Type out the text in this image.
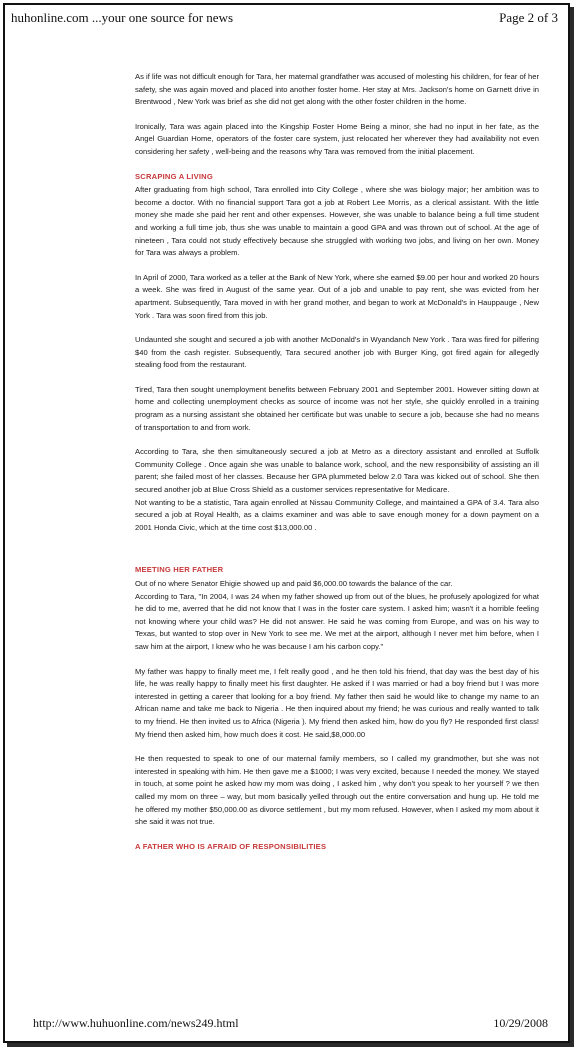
huhonline.com ...your one source for news	Page 2 of 3

As if life was not difficult enough for Tara, her maternal grandfather was accused of molesting his children, for fear of her safety, she was again moved and placed into another foster home. Her stay at Mrs. Jackson's home on Garnett drive in Brentwood , New York was brief as she did not get along with the other foster children in the home.

Ironically, Tara was again placed into the Kingship Foster Home Being a minor, she had no input in her fate, as the Angel Guardian Home, operators of the foster care system, just relocated her wherever they had availability not even considering her safety , well-being and the reasons why Tara was removed from the initial placement.

SCRAPING A LIVING

After graduating from high school, Tara enrolled into City College , where she was biology major; her ambition was to become a doctor. With no financial support Tara got a job at Robert Lee Morris, as a clerical assistant. With the little money she made she paid her rent and other expenses. However, she was unable to balance being a full time student and working a full time job, thus she was unable to maintain a good GPA and was thrown out of school. At the age of nineteen , Tara could not study effectively because she struggled with working two jobs, and living on her own. Money for Tara was always a problem.

In April of 2000, Tara worked as a teller at the Bank of New York, where she earned $9.00 per hour and worked 20 hours a week. She was fired in August of the same year. Out of a job and unable to pay rent, she was evicted from her apartment. Subsequently, Tara moved in with her grand mother, and began to work at McDonald's in Hauppauge , New York . Tara was soon fired from this job.

Undaunted she sought and secured a job with another McDonald's in Wyandanch New York . Tara was fired for pilfering $40 from the cash register. Subsequently, Tara secured another job with Burger King, got fired again for allegedly stealing food from the restaurant.

Tired, Tara then sought unemployment benefits between February 2001 and September 2001. However sitting down at home and collecting unemployment checks as source of income was not her style, she quickly enrolled in a training program as a nursing assistant she obtained her certificate but was unable to secure a job, because she had no means of transportation to and from work.

According to Tara, she then simultaneously secured a job at Metro as a directory assistant and enrolled at Suffolk Community College . Once again she was unable to balance work, school, and the new responsibility of assisting an ill parent; she failed most of her classes. Because her GPA plummeted below 2.0 Tara was kicked out of school. She then secured another job at Blue Cross Shield as a customer services representative for Medicare.

Not wanting to be a statistic, Tara again enrolled at Nissau Community College, and maintained a GPA of 3.4. Tara also secured a job at Royal Health, as a claims examiner and was able to save enough money for a down payment on a 2001 Honda Civic, which at the time cost $13,000.00 .

MEETING HER FATHER

Out of no where Senator Ehigie showed up and paid $6,000.00 towards the balance of the car.

According to Tara, "In 2004, I was 24 when my father showed up from out of the blues, he profusely apologized for what he did to me, averred that he did not know that I was in the foster care system. I asked him; wasn't it a horrible feeling not knowing where your child was? He did not answer. He said he was coming from Europe, and was on his way to Texas, but wanted to stop over in New York to see me. We met at the airport, although I never met him before, when I saw him at the airport, I knew who he was because I am his carbon copy."

My father was happy to finally meet me, I felt really good , and he then told his friend, that day was the best day of his life, he was really happy to finally meet his first daughter. He asked if I was married or had a boy friend but I was more interested in getting a career that looking for a boy friend. My father then said he would like to change my name to an African name and take me back to Nigeria . He then inquired about my friend; he was curious and really wanted to talk to my friend. He then invited us to Africa (Nigeria ). My friend then asked him, how do you fly? He responded first class! My friend then asked him, how much does it cost. He said,$8,000.00

He then requested to speak to one of our maternal family members, so I called my grandmother, but she was not interested in speaking with him. He then gave me a $1000; I was very excited, because I needed the money. We stayed in touch, at some point he asked how my mom was doing , I asked him , why don't you speak to her yourself ? we then called my mom on three – way, but mom basically yelled through out the entire conversation and hung up. He told me he offered my mother $50,000.00 as divorce settlement , but my mom refused. However, when I asked my mom about it she said it was not true.

A FATHER WHO IS AFRAID OF RESPONSIBILITIES
http://www.huhuonline.com/news249.html	10/29/2008
